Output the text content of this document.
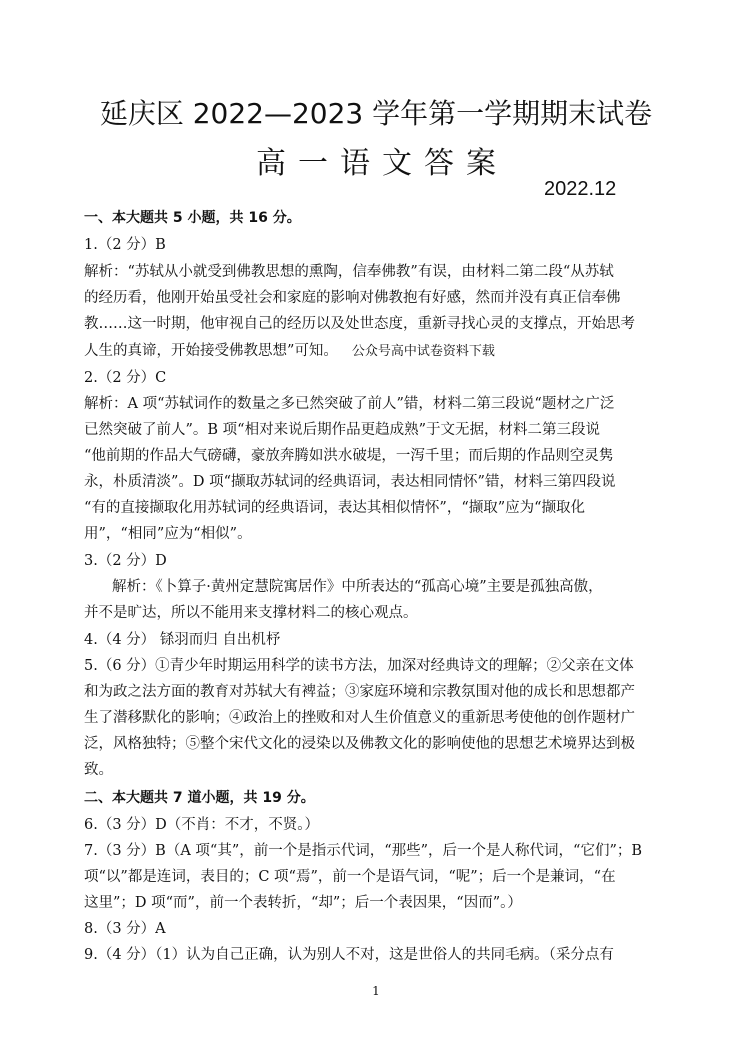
延庆区 2022—2023 学年第一学期期末试卷
高一语文答案
2022.12
一、本大题共 5 小题，共 16 分。
1.（2 分）B
解析：“苏轼从小就受到佛教思想的熏陶，信奉佛教”有误，由材料二第二段“从苏轼
的经历看，他刚开始虽受社会和家庭的影响对佛教抱有好感，然而并没有真正信奉佛
教……这一时期，他审视自己的经历以及处世态度，重新寻找心灵的支撑点，开始思考
人生的真谛，开始接受佛教思想”可知。 公众号高中试卷资料下载
2.（2 分）C
解析：A 项“苏轼词作的数量之多已然突破了前人”错，材料二第三段说“题材之广泛
已然突破了前人”。B 项“相对来说后期作品更趋成熟”于文无据，材料二第三段说
“他前期的作品大气磅礴，豪放奔腾如洪水破堤，一泻千里；而后期的作品则空灵隽
永，朴质清淡”。D 项“撷取苏轼词的经典语词，表达相同情怀”错，材料三第四段说
“有的直接撷取化用苏轼词的经典语词，表达其相似情怀”，“撷取”应为“撷取化
用”，“相同”应为“相似”。
3.（2 分）D
解析：《卜算子·黄州定慧院寓居作》中所表达的“孤高心境”主要是孤独高傲，
并不是旷达，所以不能用来支撑材料二的核心观点。
4.（4 分） 铩羽而归 自出机杼
5.（6 分）①青少年时期运用科学的读书方法，加深对经典诗文的理解；②父亲在文体
和为政之法方面的教育对苏轼大有裨益；③家庭环境和宗教氛围对他的成长和思想都产
生了潜移默化的影响；④政治上的挫败和对人生价值意义的重新思考使他的创作题材广
泛，风格独特；⑤整个宋代文化的浸染以及佛教文化的影响使他的思想艺术境界达到极
致。
二、本大题共 7 道小题，共 19 分。
6.（3 分）D（不肖：不才，不贤。）
7.（3 分）B（A 项“其”，前一个是指示代词，“那些”，后一个是人称代词，“它们”；B
项“以”都是连词，表目的；C 项“焉”，前一个是语气词，“呢”；后一个是兼词，“在
这里”；D 项“而”，前一个表转折，“却”；后一个表因果，“因而”。）
8.（3 分）A
9.（4 分）（1）认为自己正确，认为别人不对，这是世俗人的共同毛病。（采分点有
1
